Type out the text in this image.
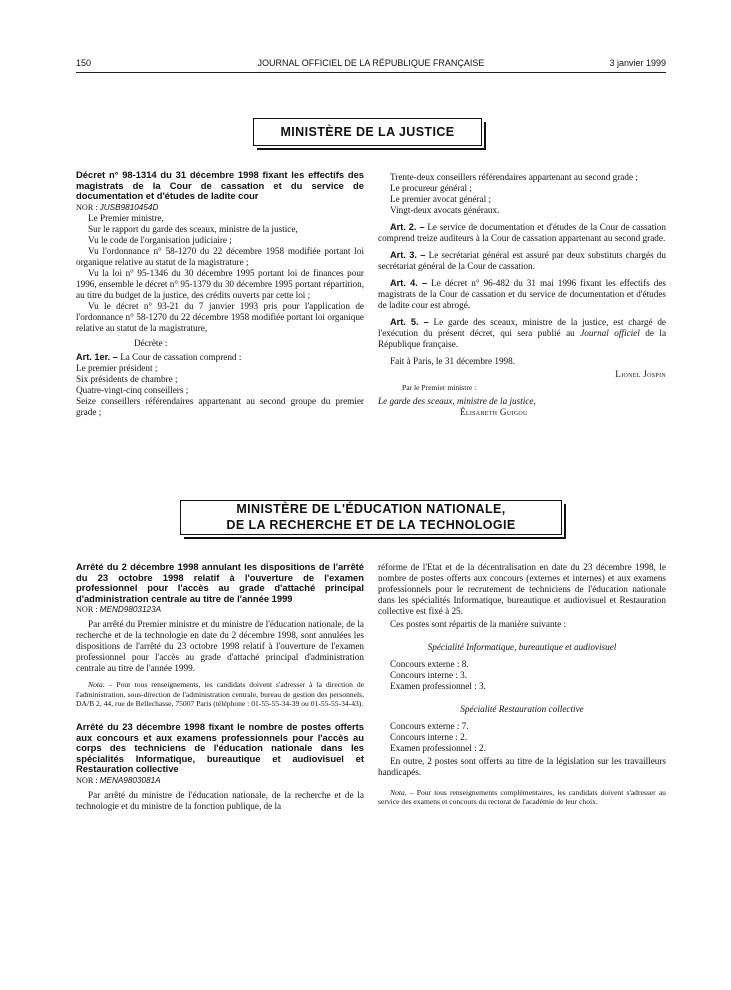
150	JOURNAL OFFICIEL DE LA RÉPUBLIQUE FRANÇAISE	3 janvier 1999
MINISTÈRE DE LA JUSTICE

Décret n° 98-1314 du 31 décembre 1998 fixant les effectifs des magistrats de la Cour de cassation et du service de documentation et d'études de ladite cour

NOR : JUSB9810454D

Le Premier ministre,

Sur le rapport du garde des sceaux, ministre de la justice,

Vu le code de l'organisation judiciaire ;

Vu l'ordonnance n° 58-1270 du 22 décembre 1958 modifiée portant loi organique relative au statut de la magistrature ;

Vu la loi n° 95-1346 du 30 décembre 1995 portant loi de finances pour 1996, ensemble le décret n° 95-1379 du 30 décembre 1995 portant répartition, au titre du budget de la justice, des crédits ouverts par cette loi ;

Vu le décret n° 93-21 du 7 janvier 1993 pris pour l'application de l'ordonnance n° 58-1270 du 22 décembre 1958 modifiée portant loi organique relative au statut de la magistrature,

Décrète :

Art. 1er. – La Cour de cassation comprend :

Le premier président ;

Six présidents de chambre ;

Quatre-vingt-cinq conseillers ;

Seize conseillers référendaires appartenant au second groupe du premier grade ;

Trente-deux conseillers référendaires appartenant au second grade ;

Le procureur général ;

Le premier avocat général ;

Vingt-deux avocats généraux.

Art. 2. – Le service de documentation et d'études de la Cour de cassation comprend treize auditeurs à la Cour de cassation appartenant au second grade.

Art. 3. – Le secrétariat général est assuré par deux substituts chargés du secrétariat général de la Cour de cassation.

Art. 4. – Le décret n° 96-482 du 31 mai 1996 fixant les effectifs des magistrats de la Cour de cassation et du service de documentation et d'études de ladite cour est abrogé.

Art. 5. – Le garde des sceaux, ministre de la justice, est chargé de l'exécution du présent décret, qui sera publié au Journal officiel de la République française.

Fait à Paris, le 31 décembre 1998.

Lionel Jospin

Par le Premier ministre :

Le garde des sceaux, ministre de la justice,

Élisabeth Guigou

MINISTÈRE DE L'ÉDUCATION NATIONALE,
DE LA RECHERCHE ET DE LA TECHNOLOGIE

Arrêté du 2 décembre 1998 annulant les dispositions de l'arrêté du 23 octobre 1998 relatif à l'ouverture de l'examen professionnel pour l'accès au grade d'attaché principal d'administration centrale au titre de l'année 1999

NOR : MEND9803123A

Par arrêté du Premier ministre et du ministre de l'éducation nationale, de la recherche et de la technologie en date du 2 décembre 1998, sont annulées les dispositions de l'arrêté du 23 octobre 1998 relatif à l'ouverture de l'examen professionnel pour l'accès au grade d'attaché principal d'administration centrale au titre de l'année 1999.

Nota. – Pour tous renseignements, les candidats doivent s'adresser à la direction de l'administration, sous-direction de l'administration centrale, bureau de gestion des personnels, DA/B 2, 44, rue de Bellechasse, 75007 Paris (téléphone : 01-55-55-34-39 ou 01-55-55-34-43).

Arrêté du 23 décembre 1998 fixant le nombre de postes offerts aux concours et aux examens professionnels pour l'accès au corps des techniciens de l'éducation nationale dans les spécialités Informatique, bureautique et audiovisuel et Restauration collective

NOR : MENA9803081A

Par arrêté du ministre de l'éducation nationale, de la recherche et de la technologie et du ministre de la fonction publique, de la

réforme de l'Etat et de la décentralisation en date du 23 décembre 1998, le nombre de postes offerts aux concours (externes et internes) et aux examens professionnels pour le recrutement de techniciens de l'éducation nationale dans les spécialités Informatique, bureautique et audiovisuel et Restauration collective est fixé à 25.

Ces postes sont répartis de la manière suivante :

Spécialité Informatique, bureautique et audiovisuel

Concours externe : 8.

Concours interne : 3.

Examen professionnel : 3.

Spécialité Restauration collective

Concours externe : 7.

Concours interne : 2.

Examen professionnel : 2.

En outre, 2 postes sont offerts au titre de la législation sur les travailleurs handicapés.

Nota. – Pour tous renseignements complémentaires, les candidats doivent s'adresser au service des examens et concours du rectorat de l'académie de leur choix.
